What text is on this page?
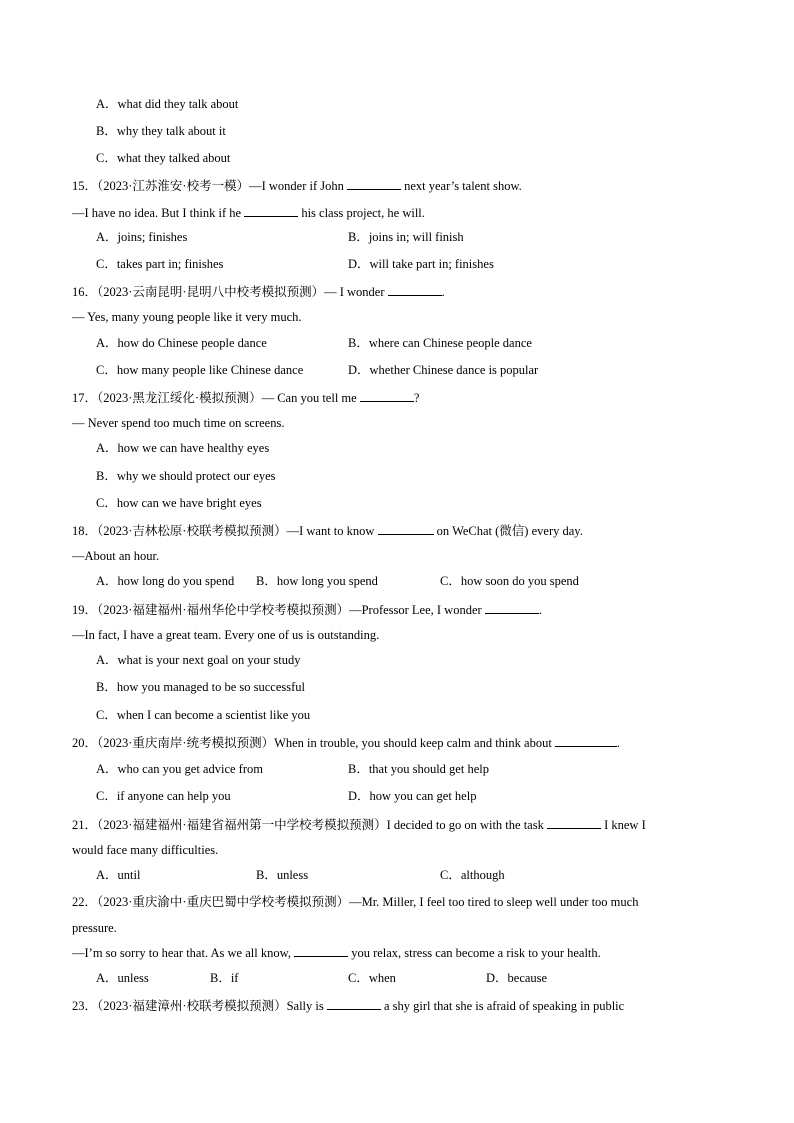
A．what did they talk about
B．why they talk about it
C．what they talked about
15．（2023·江苏淮安·校考一模）—I wonder if John	next year’s talent show.
—I have no idea. But I think if he	his class project, he will.
A．joins; finishes	B．joins in; will finish
C．takes part in; finishes	D．will take part in; finishes
16．（2023·云南昆明·昆明八中校考模拟预测）— I wonder	.
— Yes, many young people like it very much.
A．how do Chinese people dance	B．where can Chinese people dance
C．how many people like Chinese dance	D．whether Chinese dance is popular
17．（2023·黑龙江绥化·模拟预测）— Can you tell me	?
— Never spend too much time on screens.
A．how we can have healthy eyes
B．why we should protect our eyes
C．how can we have bright eyes
18．（2023·吉林松原·校联考模拟预测）—I want to know	on WeChat (微信) every day.
—About an hour.
A．how long do you spend B．how long you spend	C．how soon do you spend
19．（2023·福建福州·福州华伦中学校考模拟预测）—Professor Lee, I wonder	.
—In fact, I have a great team. Every one of us is outstanding.
A．what is your next goal on your study
B．how you managed to be so successful
C．when I can become a scientist like you
20．（2023·重庆南岸·统考模拟预测）When in trouble, you should keep calm and think about	.
A．who can you get advice from	B．that you should get help
C．if anyone can help you	D．how you can get help
21．（2023·福建福州·福建省福州第一中学校考模拟预测）I decided to go on with the task	I knew I
would face many difficulties.
A．until	B．unless	C．although
22．（2023·重庆渝中·重庆巴蜀中学校考模拟预测）—Mr. Miller, I feel too tired to sleep well under too much
pressure.
—I’m so sorry to hear that. As we all know,	you relax, stress can become a risk to your health.
A．unless	B．if	C．when	D．because
23．（2023·福建漳州·校联考模拟预测）Sally is	a shy girl that she is afraid of speaking in public
